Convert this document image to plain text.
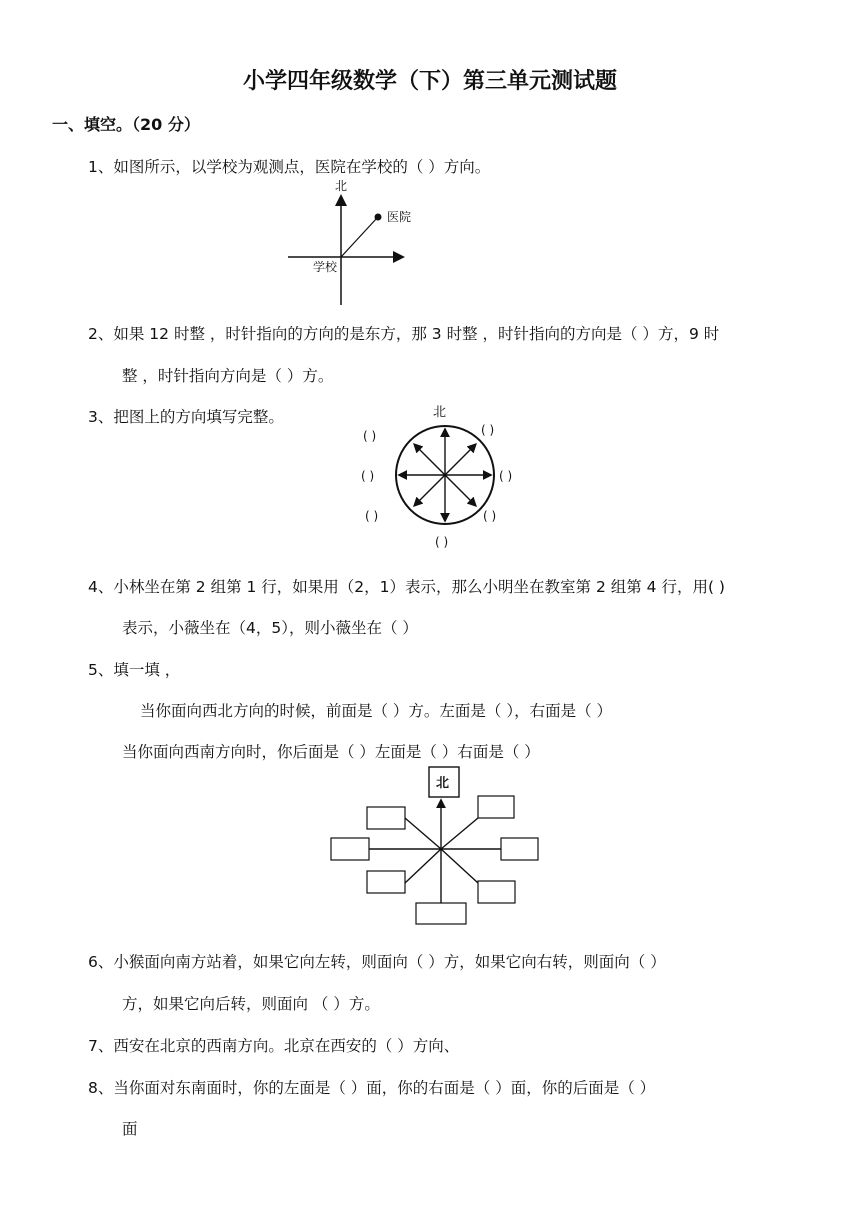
小学四年级数学（下）第三单元测试题
一、填空。（20 分）
1、如图所示，以学校为观测点，医院在学校的（ ）方向。
北
医院
学校
2、如果 12 时整 ，时针指向的方向的是东方，那 3 时整 ，时针指向的方向是（ ）方，9 时
整 ，时针指向方向是（ ）方。
3、把图上的方向填写完整。	北
( )	( )
( )	( )
( )	( )
( )
4、小林坐在第 2 组第 1 行，如果用（2，1）表示，那么小明坐在教室第 2 组第 4 行，用( )
表示，小薇坐在（4，5），则小薇坐在（ ）
5、填一填 ，
当你面向西北方向的时候，前面是（ ）方。左面是（ ），右面是（ ）
当你面向西南方向时，你后面是（ ）左面是（ ）右面是（ ）
北
6、小猴面向南方站着，如果它向左转，则面向（ ）方，如果它向右转，则面向（ ）
方，如果它向后转，则面向 （ ）方。
7、西安在北京的西南方向。北京在西安的（ ）方向、
8、当你面对东南面时，你的左面是（ ）面，你的右面是（ ）面，你的后面是（ ）
面
